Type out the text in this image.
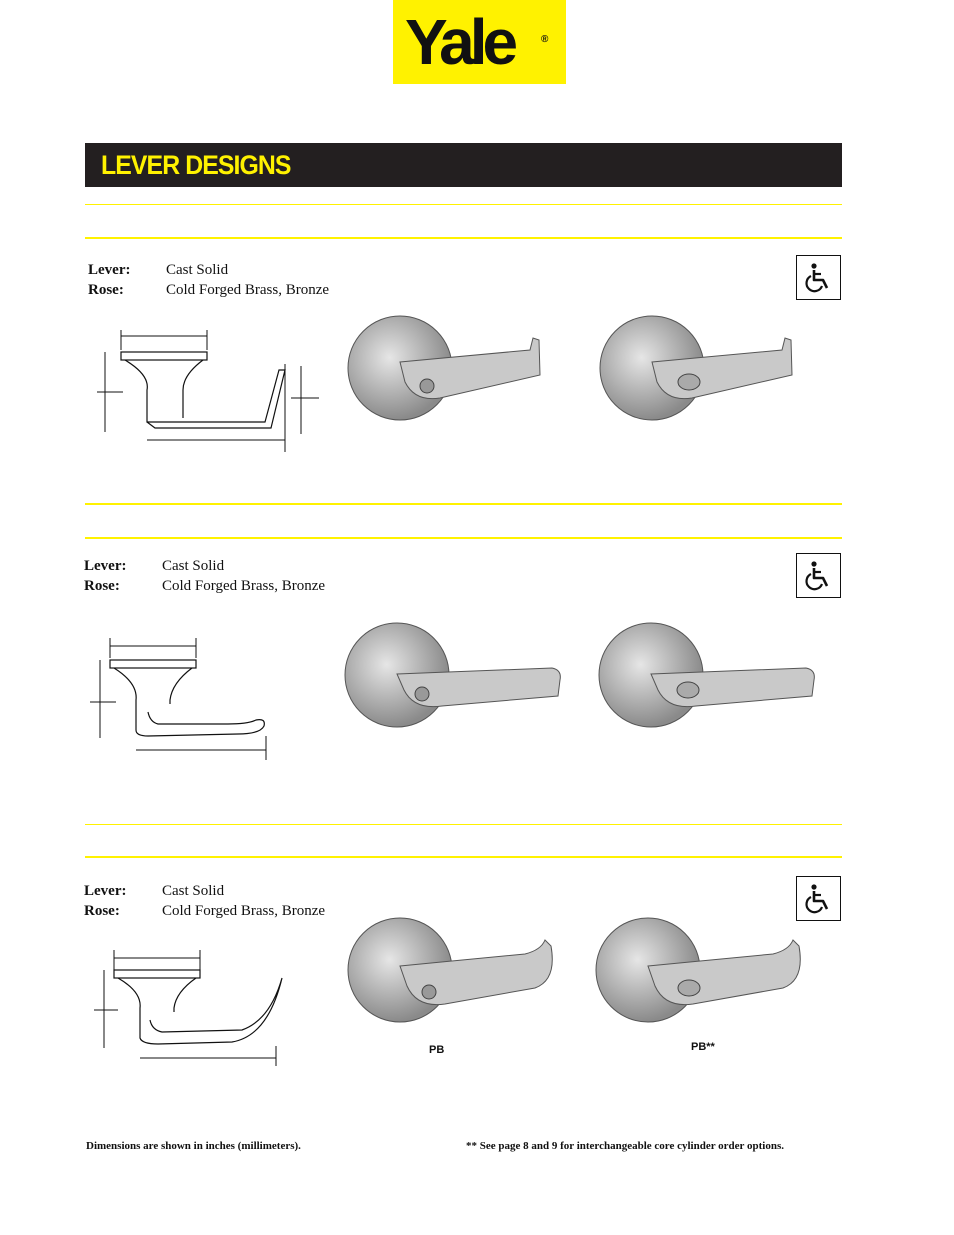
Yale	®
LEVER DESIGNS
Lever: Cast Solid
Rose:	Cold Forged Brass, Bronze
Lever: Cast Solid
Rose:	Cold Forged Brass, Bronze
Lever: Cast Solid
Rose:	Cold Forged Brass, Bronze
PB	PB**
Dimensions are shown in inches (millimeters).	** See page 8 and 9 for interchangeable core cylinder order options.
